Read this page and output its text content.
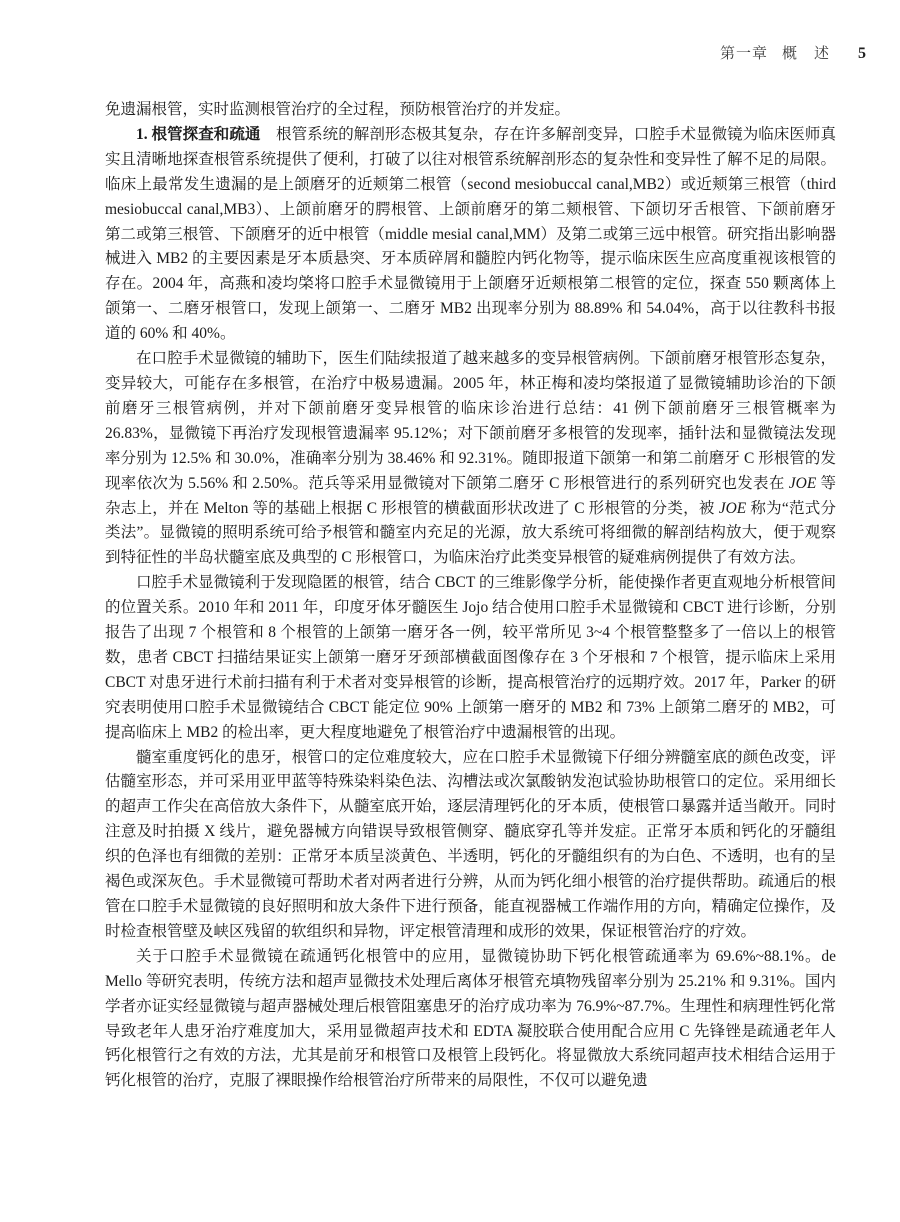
第一章 概　述 5

免遗漏根管，实时监测根管治疗的全过程，预防根管治疗的并发症。

1. 根管探查和疏通　根管系统的解剖形态极其复杂，存在许多解剖变异，口腔手术显微镜为临床医师真实且清晰地探查根管系统提供了便利，打破了以往对根管系统解剖形态的复杂性和变异性了解不足的局限。临床上最常发生遗漏的是上颌磨牙的近颊第二根管（second mesiobuccal canal,MB2）或近颊第三根管（third mesiobuccal canal,MB3）、上颌前磨牙的腭根管、上颌前磨牙的第二颊根管、下颌切牙舌根管、下颌前磨牙第二或第三根管、下颌磨牙的近中根管（middle mesial canal,MM）及第二或第三远中根管。研究指出影响器械进入 MB2 的主要因素是牙本质悬突、牙本质碎屑和髓腔内钙化物等，提示临床医生应高度重视该根管的存在。2004 年，高燕和凌均棨将口腔手术显微镜用于上颌磨牙近颊根第二根管的定位，探查 550 颗离体上颌第一、二磨牙根管口，发现上颌第一、二磨牙 MB2 出现率分别为 88.89% 和 54.04%，高于以往教科书报道的 60% 和 40%。

在口腔手术显微镜的辅助下，医生们陆续报道了越来越多的变异根管病例。下颌前磨牙根管形态复杂，变异较大，可能存在多根管，在治疗中极易遗漏。2005 年，林正梅和凌均棨报道了显微镜辅助诊治的下颌前磨牙三根管病例，并对下颌前磨牙变异根管的临床诊治进行总结：41 例下颌前磨牙三根管概率为 26.83%，显微镜下再治疗发现根管遗漏率 95.12%；对下颌前磨牙多根管的发现率，插针法和显微镜法发现率分别为 12.5% 和 30.0%，准确率分别为 38.46% 和 92.31%。随即报道下颌第一和第二前磨牙 C 形根管的发现率依次为 5.56% 和 2.50%。范兵等采用显微镜对下颌第二磨牙 C 形根管进行的系列研究也发表在 JOE 等杂志上，并在 Melton 等的基础上根据 C 形根管的横截面形状改进了 C 形根管的分类，被 JOE 称为“范式分类法”。显微镜的照明系统可给予根管和髓室内充足的光源，放大系统可将细微的解剖结构放大，便于观察到特征性的半岛状髓室底及典型的 C 形根管口，为临床治疗此类变异根管的疑难病例提供了有效方法。

口腔手术显微镜利于发现隐匿的根管，结合 CBCT 的三维影像学分析，能使操作者更直观地分析根管间的位置关系。2010 年和 2011 年，印度牙体牙髓医生 Jojo 结合使用口腔手术显微镜和 CBCT 进行诊断，分别报告了出现 7 个根管和 8 个根管的上颌第一磨牙各一例，较平常所见 3~4 个根管整整多了一倍以上的根管数，患者 CBCT 扫描结果证实上颌第一磨牙牙颈部横截面图像存在 3 个牙根和 7 个根管，提示临床上采用 CBCT 对患牙进行术前扫描有利于术者对变异根管的诊断，提高根管治疗的远期疗效。2017 年，Parker 的研究表明使用口腔手术显微镜结合 CBCT 能定位 90% 上颌第一磨牙的 MB2 和 73% 上颌第二磨牙的 MB2，可提高临床上 MB2 的检出率，更大程度地避免了根管治疗中遗漏根管的出现。

髓室重度钙化的患牙，根管口的定位难度较大，应在口腔手术显微镜下仔细分辨髓室底的颜色改变，评估髓室形态，并可采用亚甲蓝等特殊染料染色法、沟槽法或次氯酸钠发泡试验协助根管口的定位。采用细长的超声工作尖在高倍放大条件下，从髓室底开始，逐层清理钙化的牙本质，使根管口暴露并适当敞开。同时注意及时拍摄 X 线片，避免器械方向错误导致根管侧穿、髓底穿孔等并发症。正常牙本质和钙化的牙髓组织的色泽也有细微的差别：正常牙本质呈淡黄色、半透明，钙化的牙髓组织有的为白色、不透明，也有的呈褐色或深灰色。手术显微镜可帮助术者对两者进行分辨，从而为钙化细小根管的治疗提供帮助。疏通后的根管在口腔手术显微镜的良好照明和放大条件下进行预备，能直视器械工作端作用的方向，精确定位操作，及时检查根管壁及峡区残留的软组织和异物，评定根管清理和成形的效果，保证根管治疗的疗效。

关于口腔手术显微镜在疏通钙化根管中的应用，显微镜协助下钙化根管疏通率为 69.6%~88.1%。de Mello 等研究表明，传统方法和超声显微技术处理后离体牙根管充填物残留率分别为 25.21% 和 9.31%。国内学者亦证实经显微镜与超声器械处理后根管阻塞患牙的治疗成功率为 76.9%~87.7%。生理性和病理性钙化常导致老年人患牙治疗难度加大，采用显微超声技术和 EDTA 凝胶联合使用配合应用 C 先锋锉是疏通老年人钙化根管行之有效的方法，尤其是前牙和根管口及根管上段钙化。将显微放大系统同超声技术相结合运用于钙化根管的治疗，克服了裸眼操作给根管治疗所带来的局限性，不仅可以避免遗
